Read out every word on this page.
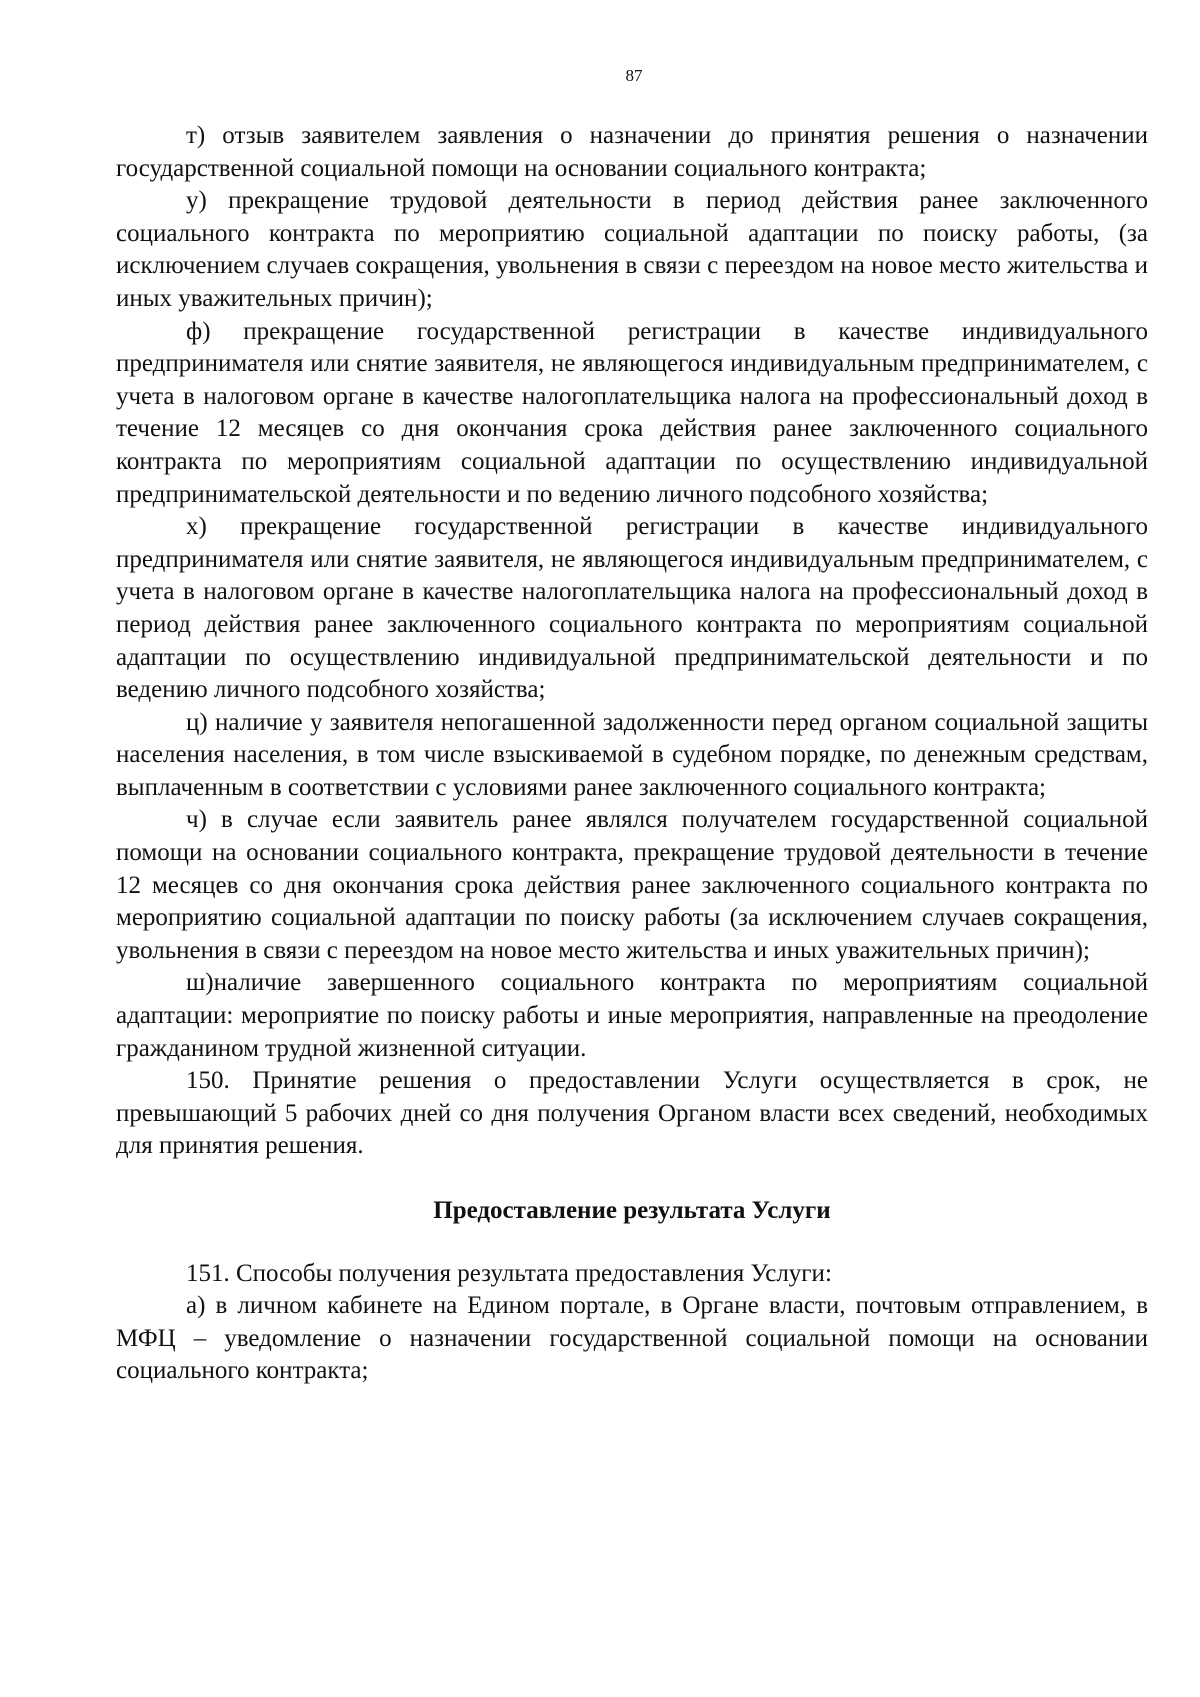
87

т) отзыв заявителем заявления о назначении до принятия решения о назначении государственной социальной помощи на основании социального контракта;

у) прекращение трудовой деятельности в период действия ранее заключенного социального контракта по мероприятию социальной адаптации по поиску работы, (за исключением случаев сокращения, увольнения в связи с переездом на новое место жительства и иных уважительных причин);

ф) прекращение государственной регистрации в качестве индивидуального предпринимателя или снятие заявителя, не являющегося индивидуальным предпринимателем, с учета в налоговом органе в качестве налогоплательщика налога на профессиональный доход в течение 12 месяцев со дня окончания срока действия ранее заключенного социального контракта по мероприятиям социальной адаптации по осуществлению индивидуальной предпринимательской деятельности и по ведению личного подсобного хозяйства;

х) прекращение государственной регистрации в качестве индивидуального предпринимателя или снятие заявителя, не являющегося индивидуальным предпринимателем, с учета в налоговом органе в качестве налогоплательщика налога на профессиональный доход в период действия ранее заключенного социального контракта по мероприятиям социальной адаптации по осуществлению индивидуальной предпринимательской деятельности и по ведению личного подсобного хозяйства;

ц) наличие у заявителя непогашенной задолженности перед органом социальной защиты населения населения, в том числе взыскиваемой в судебном порядке, по денежным средствам, выплаченным в соответствии с условиями ранее заключенного социального контракта;

ч) в случае если заявитель ранее являлся получателем государственной социальной помощи на основании социального контракта, прекращение трудовой деятельности в течение 12 месяцев со дня окончания срока действия ранее заключенного социального контракта по мероприятию социальной адаптации по поиску работы (за исключением случаев сокращения, увольнения в связи с переездом на новое место жительства и иных уважительных причин);

ш)наличие завершенного социального контракта по мероприятиям социальной адаптации: мероприятие по поиску работы и иные мероприятия, направленные на преодоление гражданином трудной жизненной ситуации.

150. Принятие решения о предоставлении Услуги осуществляется в срок, не превышающий 5 рабочих дней со дня получения Органом власти всех сведений, необходимых для принятия решения.

Предоставление результата Услуги

151. Способы получения результата предоставления Услуги:

а) в личном кабинете на Едином портале, в Органе власти, почтовым отправлением, в МФЦ – уведомление о назначении государственной социальной помощи на основании социального контракта;
